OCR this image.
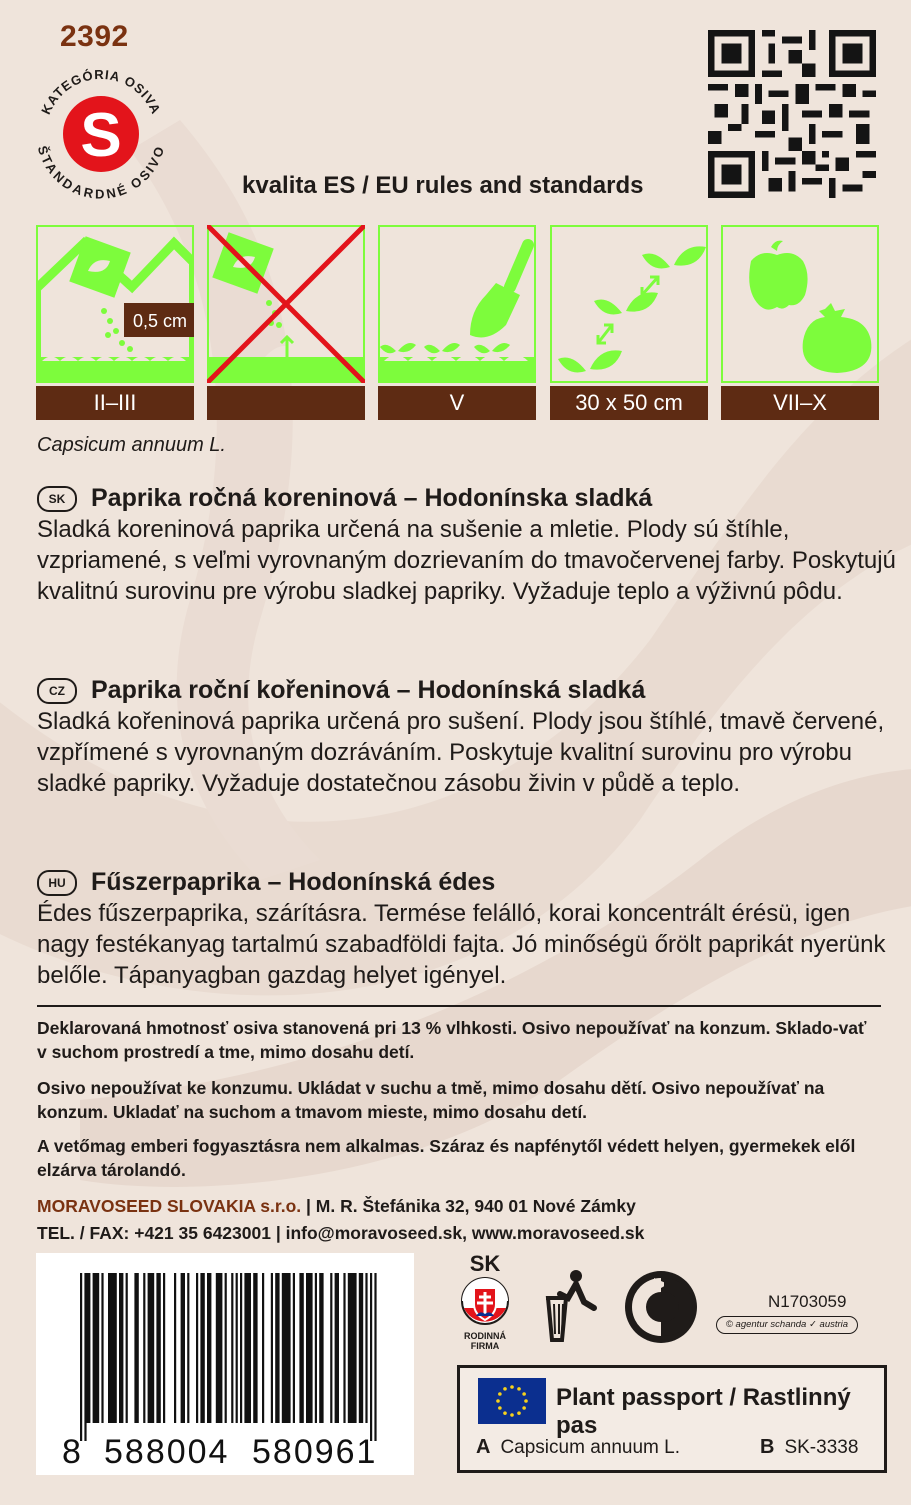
2392
KATEGÓRIA OSIVA
ŠTANDARDNÉ OSIVO
S
kvalita ES / EU rules and standards
0,5 cm
II–III	V	30 x 50 cm	VII–X
Capsicum annuum L.
SK	Paprika ročná koreninová – Hodonínska sladká
Sladká koreninová paprika určená na sušenie a mletie. Plody sú štíhle, vzpriamené, s veľmi vyrovnaným dozrievaním do tmavočervenej farby. Poskytujú kvalitnú surovinu pre výrobu sladkej papriky. Vyžaduje teplo a výživnú pôdu.
CZ	Paprika roční kořeninová – Hodonínská sladká
Sladká kořeninová paprika určená pro sušení. Plody jsou štíhlé, tmavě červené, vzpřímené s vyrovnaným dozráváním. Poskytuje kvalitní surovinu pro výrobu sladké papriky. Vyžaduje dostatečnou zásobu živin v půdě a teplo.
HU	Fűszerpaprika – Hodonínská édes
Édes fűszerpaprika, szárításra. Termése felálló, korai koncentrált érésü, igen nagy festékanyag tartalmú szabadföldi fajta. Jó minőségü őrölt paprikát nyerünk belőle. Tápanyagban gazdag helyet igényel.
Deklarovaná hmotnosť osiva stanovená pri 13 % vlhkosti. Osivo nepoužívať na konzum. Sklado-vať v suchom prostredí a tme, mimo dosahu detí.
Osivo nepoužívat ke konzumu. Ukládat v suchu a tmě, mimo dosahu dětí. Osivo nepoužívať na konzum. Ukladať na suchom a tmavom mieste, mimo dosahu detí.
A vetőmag emberi fogyasztásra nem alkalmas. Száraz és napfénytől védett helyen, gyermekek elől elzárva tárolandó.
MORAVOSEED SLOVAKIA s.r.o. | M. R. Štefánika 32, 940 01 Nové Zámky
TEL. / FAX: +421 35 6423001 | info@moravoseed.sk, www.moravoseed.sk
8 588004 580961
SK
RODINNÁ
FIRMA
N1703059
© agentur schanda ✓ austria
Plant passport / Rastlinný pas
A Capsicum annuum L.	B SK-3338
